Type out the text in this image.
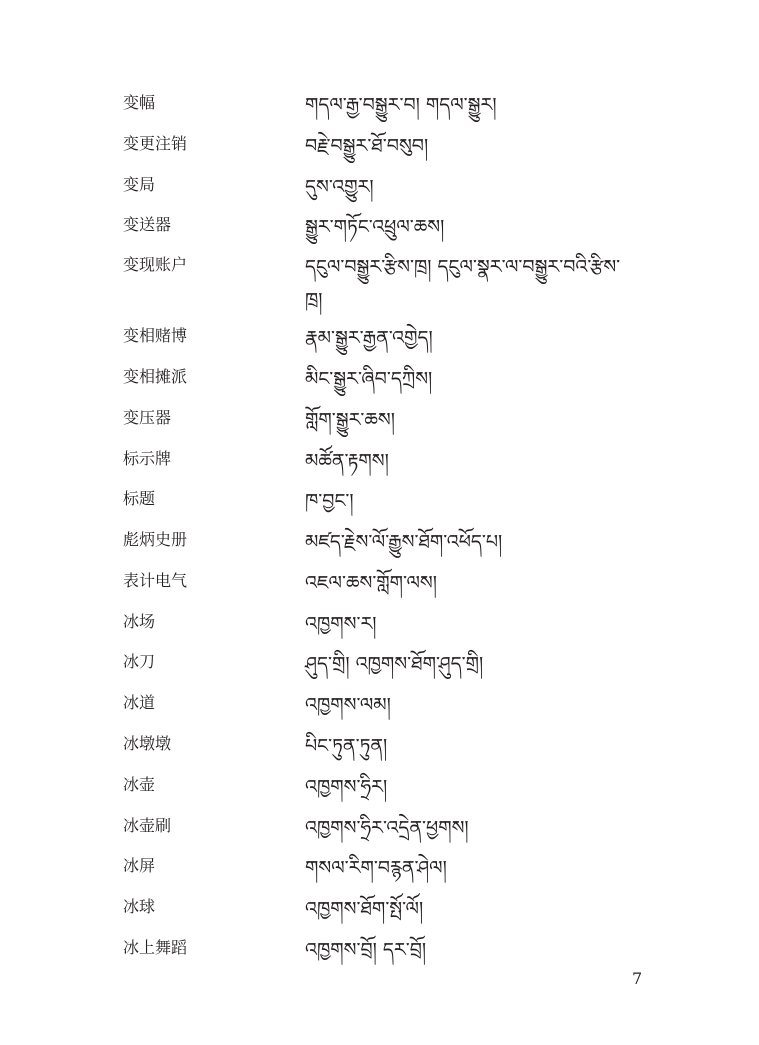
变幅	གདལ་རྒྱ་བསྒྱུར་བ། གདལ་སྒྱུར།
变更注销	བརྗེ་བསྒྱུར་ཐོ་བསུབ།
变局	དུས་འགྱུར།
变送器	སྒྱུར་གཏོང་འཕྲུལ་ཆས།
变现账户	དངུལ་བསྒྱུར་རྩིས་ཁྲ། དངུལ་སྣར་ལ་བསྒྱུར་བའི་རྩིས་ཁྲ།
变相赌博	རྣམ་སྒྱུར་རྒྱན་འགྱེད།
变相摊派	མིང་སྒྱུར་ཞིབ་དཀྲིས།
变压器	གློག་སྒྱུར་ཆས།
标示牌	མཚོན་རྟགས།
标题	ཁ་བྱང་།
彪炳史册	མཛད་རྗེས་ལོ་རྒྱུས་ཐོག་འཕོད་པ།
表计电气	འཇལ་ཆས་གློག་ལས།
冰场	འཁྱགས་ར།
冰刀	ཤུད་གྲི། འཁྱགས་ཐོག་ཤུད་གྲི།
冰道	འཁྱགས་ལམ།
冰墩墩	པིང་ཏུན་ཏུན།
冰壶	འཁྱགས་ཧྲིར།
冰壶刷	འཁྱགས་ཧྲིར་འདྲེན་ཕྱགས།
冰屏	གསལ་རིག་བརྙན་ཤེལ།
冰球	འཁྱགས་ཐོག་སྤོ་ལོ།
冰上舞蹈	འཁྱགས་བྲོ། དར་བྲོ།
7
